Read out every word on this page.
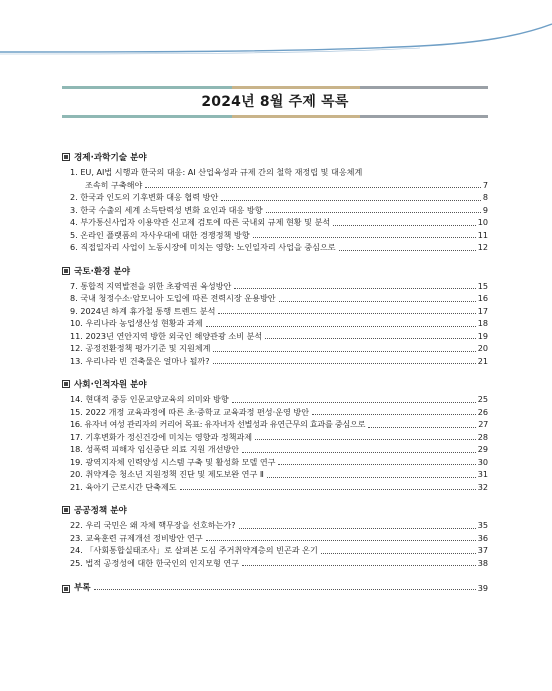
2024년 8월 주제 목록
경제·과학기술 분야
1. EU, AI법 시행과 한국의 대응: AI 산업육성과 규제 간의 철학 재정립 및 대응체계
조속히 구축해야	7
2.
한국과 인도의 기후변화 대응 협력 방안	8
3.
한국 수출의 세계 소득탄력성 변화 요인과 대응 방향	9
4.
부가통신사업자 이용약관 신고제 검토에 따른 국내외 규제 현황 및 분석	10
5.
온라인 플랫폼의 자사우대에 대한 경쟁정책 방향	11
6.
직접일자리 사업이 노동시장에 미치는 영향: 노인일자리 사업을 중심으로	12
국토·환경 분야
7.
통합적 지역발전을 위한 초광역권 육성방안	15
8.
국내 청정수소·암모니아 도입에 따른 전력시장 운용방안	16
9.
2024년 하계 휴가철 통행 트렌드 분석	17
10.
우리나라 농업생산성 현황과 과제	18
11.
2023년 연안지역 방한 외국인 해양관광 소비 분석	19
12.
공정전환정책 평가기준 및 지원체계	20
13.
우리나라 빈 건축물은 얼마나 될까?	21
사회·인적자원 분야
14.
현대적 중등 인문교양교육의 의미와 방향	25
15.
2022 개정 교육과정에 따른 초·중학교 교육과정 편성·운영 방안	26
16.
유자녀 여성 관리자의 커리어 목표: 유자녀자 선별성과 유연근무의 효과를 중심으로	27
17.
기후변화가 정신건강에 미치는 영향과 정책과제	28
18.
성폭력 피해자 임신중단 의료 지원 개선방안	29
19.
광역지자체 인력양성 시스템 구축 및 활성화 모델 연구	30
20.
취약계층 청소년 지원정책 진단 및 제도보완 연구 Ⅱ	31
21.
육아기 근로시간 단축제도	32
공공정책 분야
22.
우리 국민은 왜 자체 핵무장을 선호하는가?	35
23.
교육훈련 규제개선 정비방안 연구	36
24.
「사회통합실태조사」로 살펴본 도심 주거취약계층의 빈곤과 온기	37
25.
법적 공정성에 대한 한국인의 인지모형 연구	38
부록	39
